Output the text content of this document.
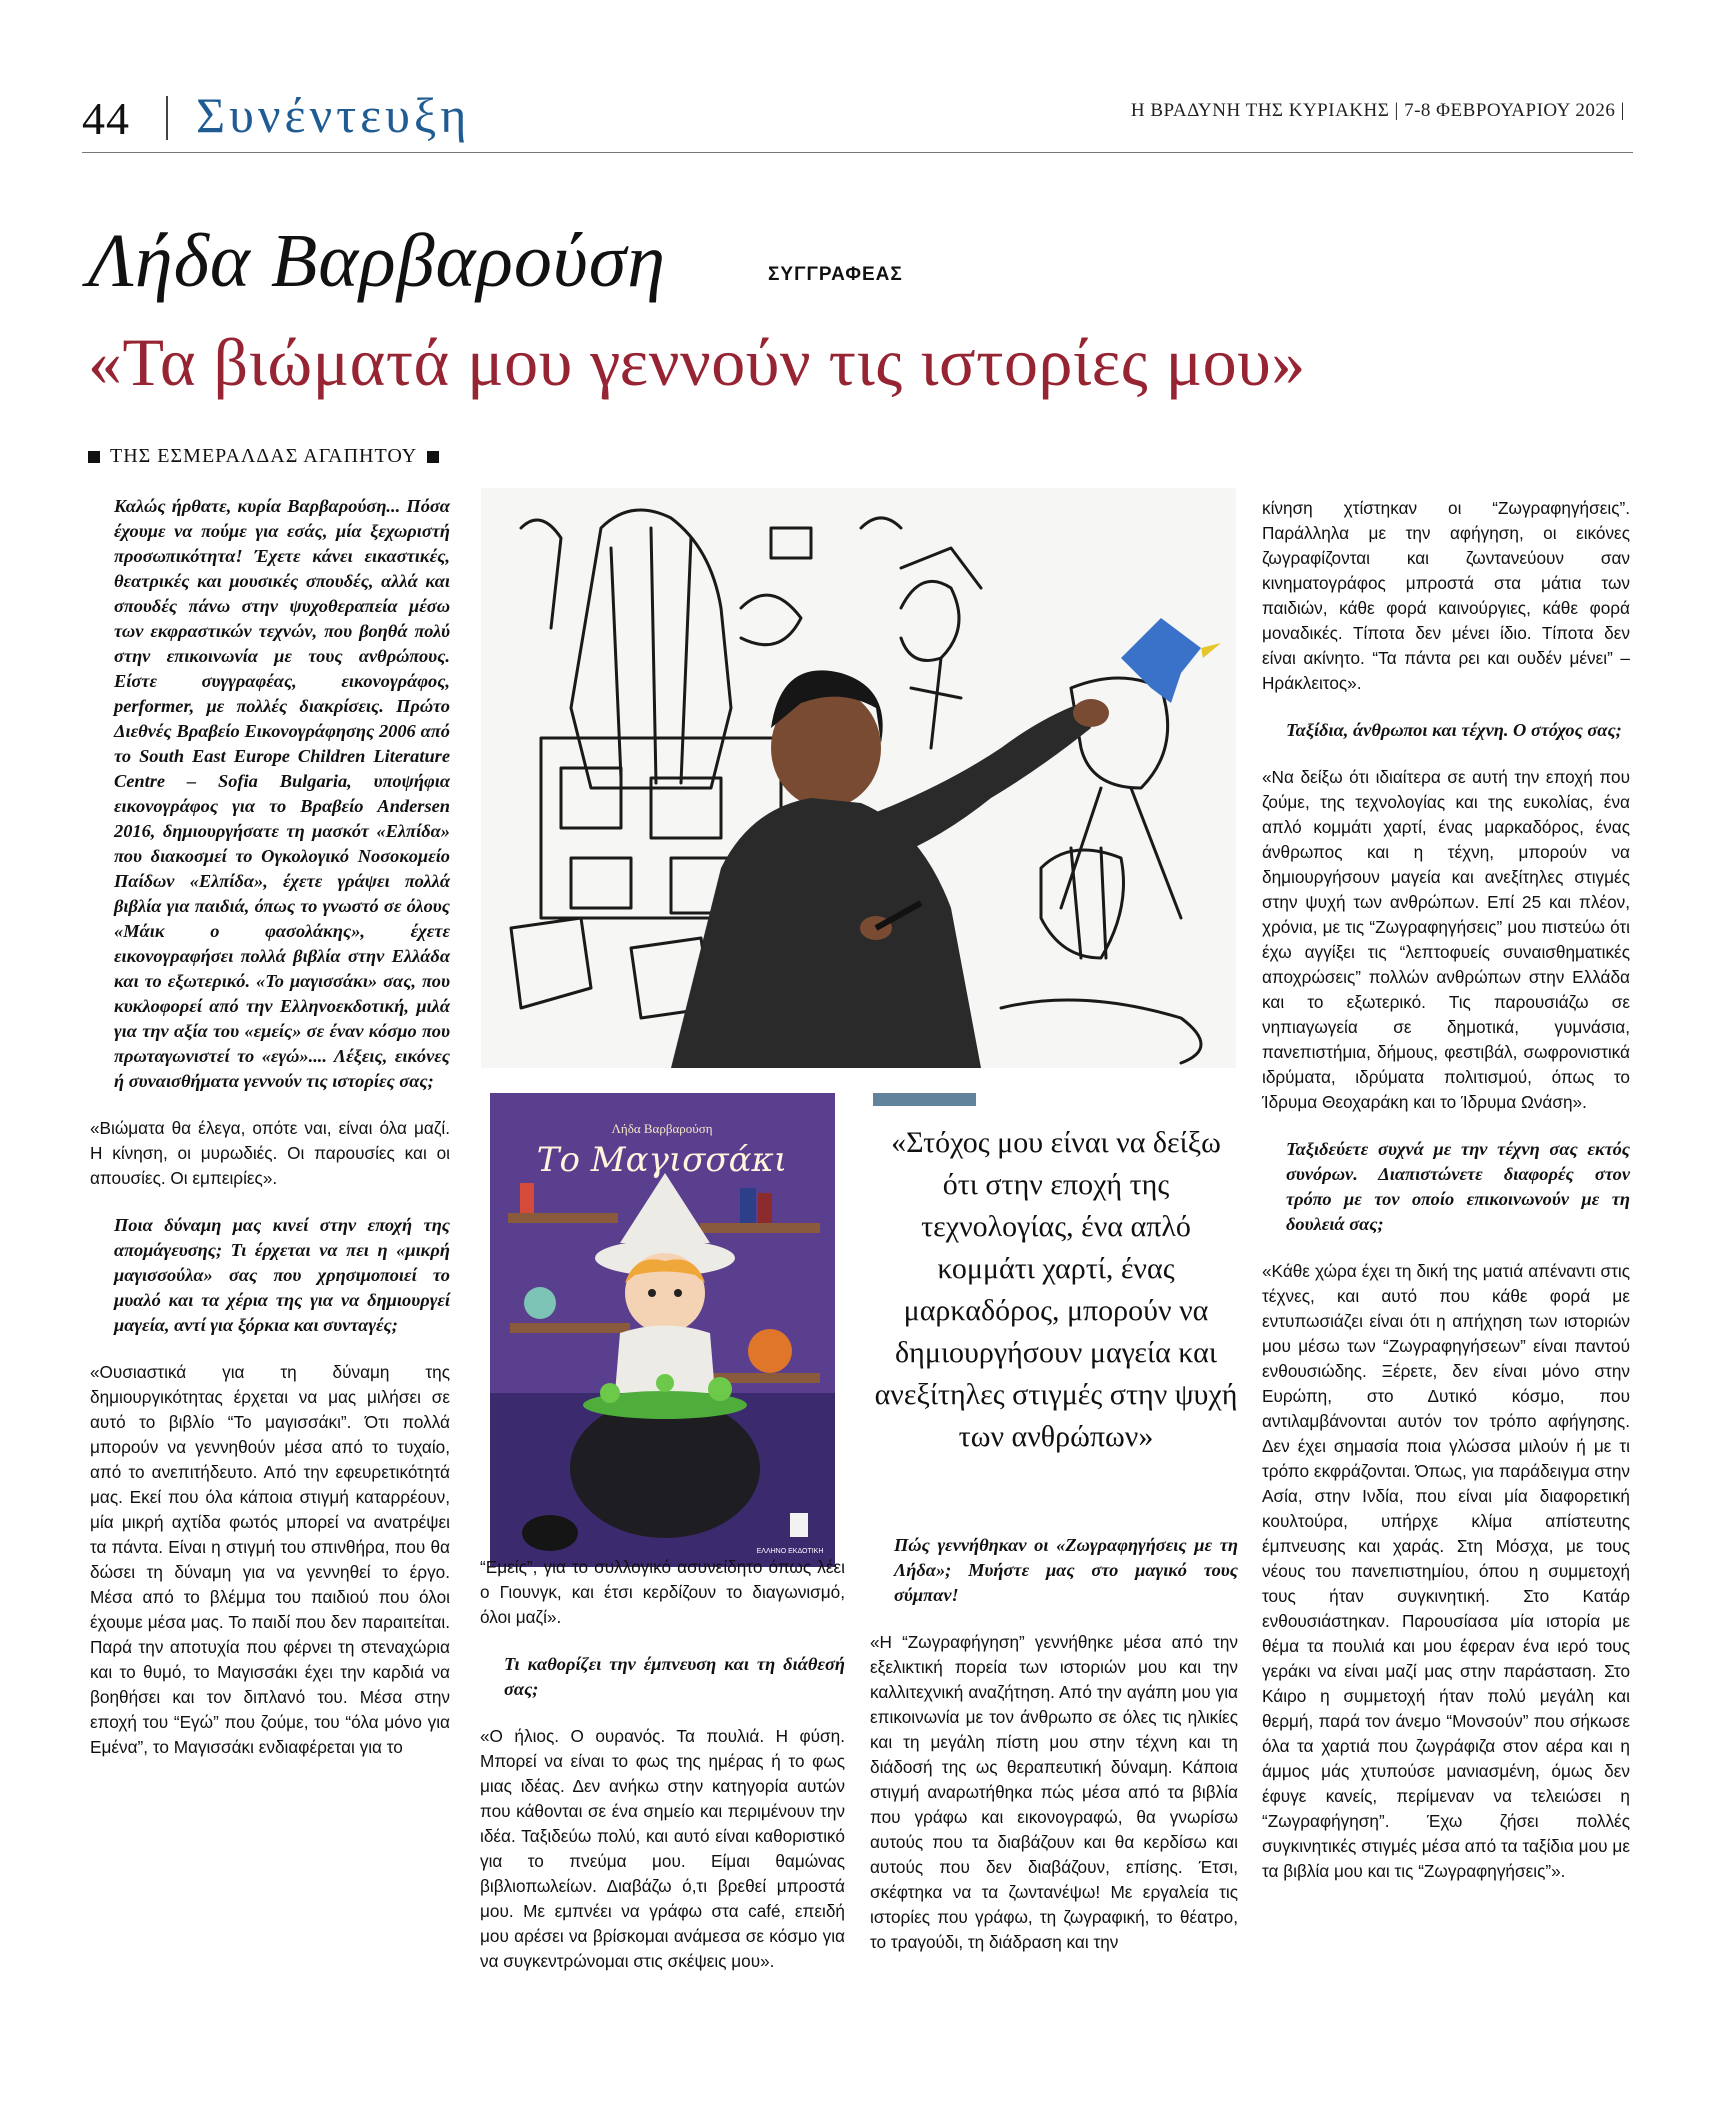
44 Συνέντευξη	Η ΒΡΑΔΥΝΗ ΤΗΣ ΚΥΡΙΑΚΗΣ | 7-8 ΦΕΒΡΟΥΑΡΙΟΥ 2026 |
Λήδα Βαρβαρούση	ΣΥΓΓΡΑΦΕΑΣ
«Τα βιώματά μου γεννούν τις ιστορίες μου»
ΤΗΣ ΕΣΜΕΡΑΛΔΑΣ ΑΓΑΠΗΤΟΥ

Καλώς ήρθατε, κυρία Βαρβαρούση... Πόσα έχουμε να πούμε για εσάς, μία ξεχωριστή προσωπικότητα! Έχετε κάνει εικαστικές, θεατρικές και μουσικές σπουδές, αλλά και σπουδές πάνω στην ψυχοθεραπεία μέσω των εκφραστικών τεχνών, που βοηθά πολύ στην επικοινωνία με τους ανθρώπους. Είστε συγγραφέας, εικονογράφος, performer, με πολλές διακρίσεις. Πρώτο Διεθνές Βραβείο Εικονογράφησης 2006 από το South East Europe Children Literature Centre – Sofia Bulgaria, υποψήφια εικονογράφος για το Βραβείο Andersen 2016, δημιουργήσατε τη μασκότ «Ελπίδα» που διακοσμεί το Ογκολογικό Νοσοκομείο Παίδων «Ελπίδα», έχετε γράψει πολλά βιβλία για παιδιά, όπως το γνωστό σε όλους «Μάικ ο φασολάκης», έχετε εικονογραφήσει πολλά βιβλία στην Ελλάδα και το εξωτερικό. «Το μαγισσάκι» σας, που κυκλοφορεί από την Ελληνοεκδοτική, μιλά για την αξία του «εμείς» σε έναν κόσμο που πρωταγωνιστεί το «εγώ».... Λέξεις, εικόνες ή συναισθήματα γεννούν τις ιστορίες σας;

«Βιώματα θα έλεγα, οπότε ναι, είναι όλα μαζί. Η κίνηση, οι μυρωδιές. Οι παρουσίες και οι απουσίες. Οι εμπειρίες».

Ποια δύναμη μας κινεί στην εποχή της απομάγευσης; Τι έρχεται να πει η «μικρή μαγισσούλα» σας που χρησιμοποιεί το μυαλό και τα χέρια της για να δημιουργεί μαγεία, αντί για ξόρκια και συνταγές;

«Ουσιαστικά για τη δύναμη της δημιουργικότητας έρχεται να μας μιλήσει σε αυτό το βιβλίο “Το μαγισσάκι”. Ότι πολλά μπορούν να γεννηθούν μέσα από το τυχαίο, από το ανεπιτήδευτο. Από την εφευρετικότητά μας. Εκεί που όλα κάποια στιγμή καταρρέουν, μία μικρή αχτίδα φωτός μπορεί να ανατρέψει τα πάντα. Είναι η στιγμή του σπινθήρα, που θα δώσει τη δύναμη για να γεννηθεί το έργο. Μέσα από το βλέμμα του παιδιού που όλοι έχουμε μέσα μας. Το παιδί που δεν παραιτείται. Παρά την αποτυχία που φέρνει τη στεναχώρια και το θυμό, το Μαγισσάκι έχει την καρδιά να βοηθήσει και τον διπλανό του. Μέσα στην εποχή του “Εγώ” που ζούμε, του “όλα μόνο για Εμένα”, το Μαγισσάκι ενδιαφέρεται για το

Λήδα Βαρβαρούση
Το Μαγισσάκι
ΕΛΛΗΝΟ ΕΚΔΟΤΙΚΗ
«Στόχος μου είναι να δείξω ότι στην εποχή της τεχνολογίας, ένα απλό κομμάτι χαρτί, ένας μαρκαδόρος, μπορούν να δημιουργήσουν μαγεία και ανεξίτηλες στιγμές στην ψυχή των ανθρώπων»

“Εμείς”, για το συλλογικό ασυνείδητο όπως λέει ο Γιουνγκ, και έτσι κερδίζουν το διαγωνισμό, όλοι μαζί».

Τι καθορίζει την έμπνευση και τη διάθεσή σας;

«Ο ήλιος. Ο ουρανός. Τα πουλιά. Η φύση. Μπορεί να είναι το φως της ημέρας ή το φως μιας ιδέας. Δεν ανήκω στην κατηγορία αυτών που κάθονται σε ένα σημείο και περιμένουν την ιδέα. Ταξιδεύω πολύ, και αυτό είναι καθοριστικό για το πνεύμα μου. Είμαι θαμώνας βιβλιοπωλείων. Διαβάζω ό,τι βρεθεί μπροστά μου. Με εμπνέει να γράφω στα café, επειδή μου αρέσει να βρίσκομαι ανάμεσα σε κόσμο για να συγκεντρώνομαι στις σκέψεις μου».

Πώς γεννήθηκαν οι «Ζωγραφηγήσεις με τη Λήδα»; Μυήστε μας στο μαγικό τους σύμπαν!

«Η “Ζωγραφήγηση” γεννήθηκε μέσα από την εξελικτική πορεία των ιστοριών μου και την καλλιτεχνική αναζήτηση. Από την αγάπη μου για επικοινωνία με τον άνθρωπο σε όλες τις ηλικίες και τη μεγάλη πίστη μου στην τέχνη και τη διάδοσή της ως θεραπευτική δύναμη. Κάποια στιγμή αναρωτήθηκα πώς μέσα από τα βιβλία που γράφω και εικονογραφώ, θα γνωρίσω αυτούς που τα διαβάζουν και θα κερδίσω και αυτούς που δεν διαβάζουν, επίσης. Έτσι, σκέφτηκα να τα ζωντανέψω! Με εργαλεία τις ιστορίες που γράφω, τη ζωγραφική, το θέατρο, το τραγούδι, τη διάδραση και την

κίνηση χτίστηκαν οι “Ζωγραφηγήσεις”. Παράλληλα με την αφήγηση, οι εικόνες ζωγραφίζονται και ζωντανεύουν σαν κινηματογράφος μπροστά στα μάτια των παιδιών, κάθε φορά καινούργιες, κάθε φορά μοναδικές. Τίποτα δεν μένει ίδιο. Τίποτα δεν είναι ακίνητο. “Τα πάντα ρει και ουδέν μένει” – Ηράκλειτος».

Ταξίδια, άνθρωποι και τέχνη. Ο στόχος σας;

«Να δείξω ότι ιδιαίτερα σε αυτή την εποχή που ζούμε, της τεχνολογίας και της ευκολίας, ένα απλό κομμάτι χαρτί, ένας μαρκαδόρος, ένας άνθρωπος και η τέχνη, μπορούν να δημιουργήσουν μαγεία και ανεξίτηλες στιγμές στην ψυχή των ανθρώπων. Επί 25 και πλέον, χρόνια, με τις “Ζωγραφηγήσεις” μου πιστεύω ότι έχω αγγίξει τις “λεπτοφυείς συναισθηματικές αποχρώσεις” πολλών ανθρώπων στην Ελλάδα και το εξωτερικό. Τις παρουσιάζω σε νηπιαγωγεία σε δημοτικά, γυμνάσια, πανεπιστήμια, δήμους, φεστιβάλ, σωφρονιστικά ιδρύματα, ιδρύματα πολιτισμού, όπως το Ίδρυμα Θεοχαράκη και το Ίδρυμα Ωνάση».

Ταξιδεύετε συχνά με την τέχνη σας εκτός συνόρων. Διαπιστώνετε διαφορές στον τρόπο με τον οποίο επικοινωνούν με τη δουλειά σας;

«Κάθε χώρα έχει τη δική της ματιά απέναντι στις τέχνες, και αυτό που κάθε φορά με εντυπωσιάζει είναι ότι η απήχηση των ιστοριών μου μέσω των “Ζωγραφηγήσεων” είναι παντού ενθουσιώδης. Ξέρετε, δεν είναι μόνο στην Ευρώπη, στο Δυτικό κόσμο, που αντιλαμβάνονται αυτόν τον τρόπο αφήγησης. Δεν έχει σημασία ποια γλώσσα μιλούν ή με τι τρόπο εκφράζονται. Όπως, για παράδειγμα στην Ασία, στην Ινδία, που είναι μία διαφορετική κουλτούρα, υπήρχε κλίμα απίστευτης έμπνευσης και χαράς. Στη Μόσχα, με τους νέους του πανεπιστημίου, όπου η συμμετοχή τους ήταν συγκινητική. Στο Κατάρ ενθουσιάστηκαν. Παρουσίασα μία ιστορία με θέμα τα πουλιά και μου έφεραν ένα ιερό τους γεράκι να είναι μαζί μας στην παράσταση. Στο Κάιρο η συμμετοχή ήταν πολύ μεγάλη και θερμή, παρά τον άνεμο “Μονσούν” που σήκωσε όλα τα χαρτιά που ζωγράφιζα στον αέρα και η άμμος μάς χτυπούσε μανιασμένη, όμως δεν έφυγε κανείς, περίμεναν να τελειώσει η “Ζωγραφήγηση”. Έχω ζήσει πολλές συγκινητικές στιγμές μέσα από τα ταξίδια μου με τα βιβλία μου και τις “Ζωγραφηγήσεις”».
